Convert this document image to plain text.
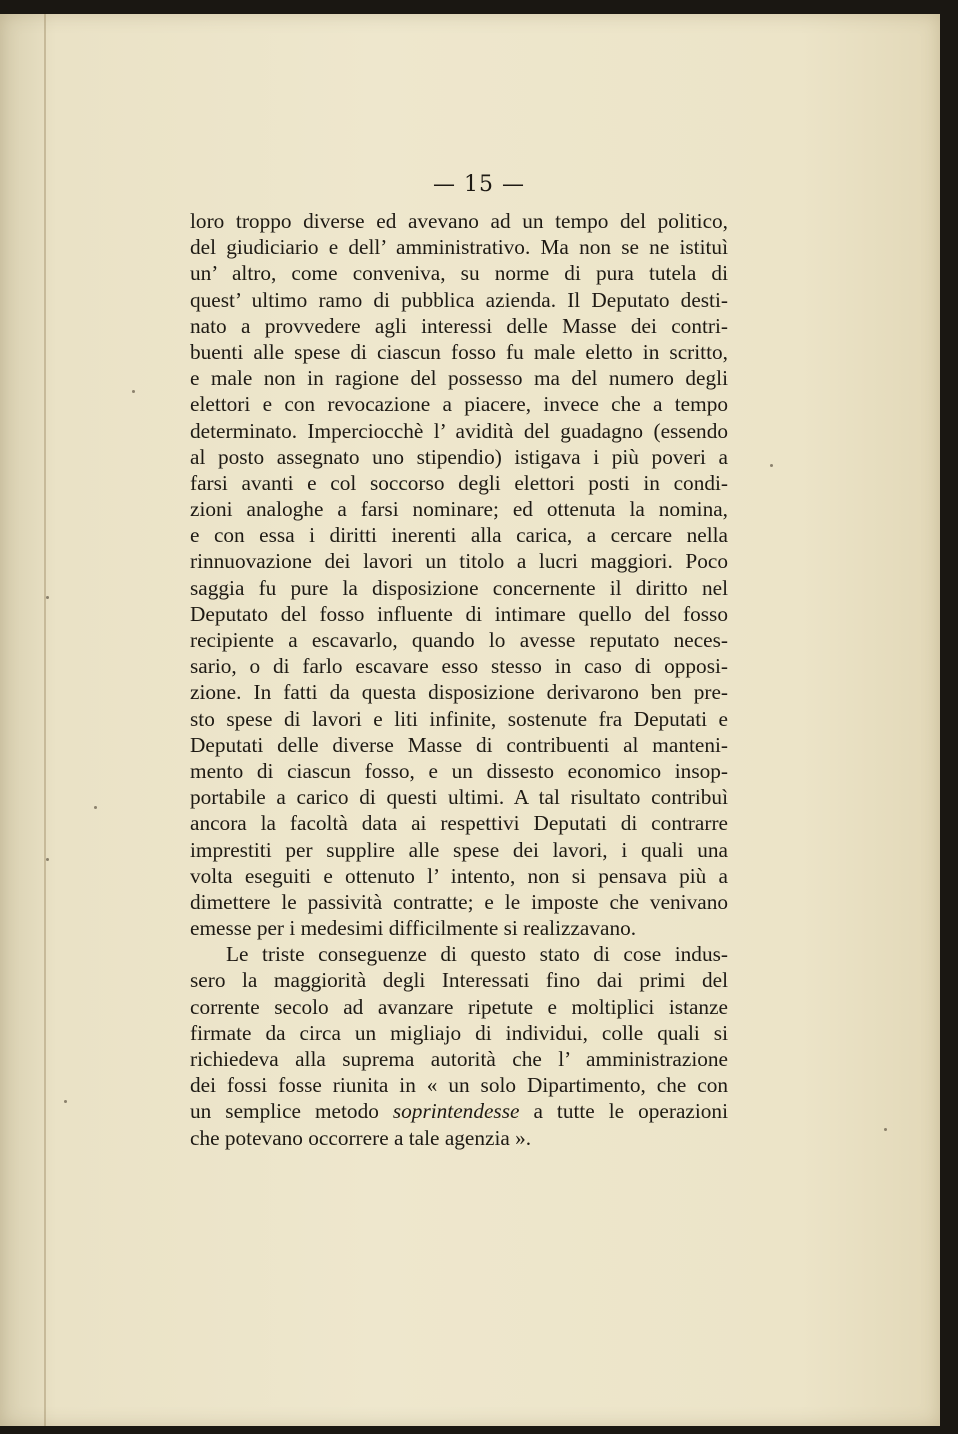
— 15 —
loro troppo diverse ed avevano ad un tempo del politico,
del giudiciario e dell’ amministrativo. Ma non se ne istituì
un’ altro, come conveniva, su norme di pura tutela di
quest’ ultimo ramo di pubblica azienda. Il Deputato desti-
nato a provvedere agli interessi delle Masse dei contri-
buenti alle spese di ciascun fosso fu male eletto in scritto,
e male non in ragione del possesso ma del numero degli
elettori e con revocazione a piacere, invece che a tempo
determinato. Imperciocchè l’ avidità del guadagno (essendo
al posto assegnato uno stipendio) istigava i più poveri a
farsi avanti e col soccorso degli elettori posti in condi-
zioni analoghe a farsi nominare; ed ottenuta la nomina,
e con essa i diritti inerenti alla carica, a cercare nella
rinnuovazione dei lavori un titolo a lucri maggiori. Poco
saggia fu pure la disposizione concernente il diritto nel
Deputato del fosso influente di intimare quello del fosso
recipiente a escavarlo, quando lo avesse reputato neces-
sario, o di farlo escavare esso stesso in caso di opposi-
zione. In fatti da questa disposizione derivarono ben pre-
sto spese di lavori e liti infinite, sostenute fra Deputati e
Deputati delle diverse Masse di contribuenti al manteni-
mento di ciascun fosso, e un dissesto economico insop-
portabile a carico di questi ultimi. A tal risultato contribuì
ancora la facoltà data ai respettivi Deputati di contrarre
imprestiti per supplire alle spese dei lavori, i quali una
volta eseguiti e ottenuto l’ intento, non si pensava più a
dimettere le passività contratte; e le imposte che venivano
emesse per i medesimi difficilmente si realizzavano.
Le triste conseguenze di questo stato di cose indus-
sero la maggiorità degli Interessati fino dai primi del
corrente secolo ad avanzare ripetute e moltiplici istanze
firmate da circa un migliajo di individui, colle quali si
richiedeva alla suprema autorità che l’ amministrazione
dei fossi fosse riunita in « un solo Dipartimento, che con
un semplice metodo soprintendesse a tutte le operazioni
che potevano occorrere a tale agenzia ».
